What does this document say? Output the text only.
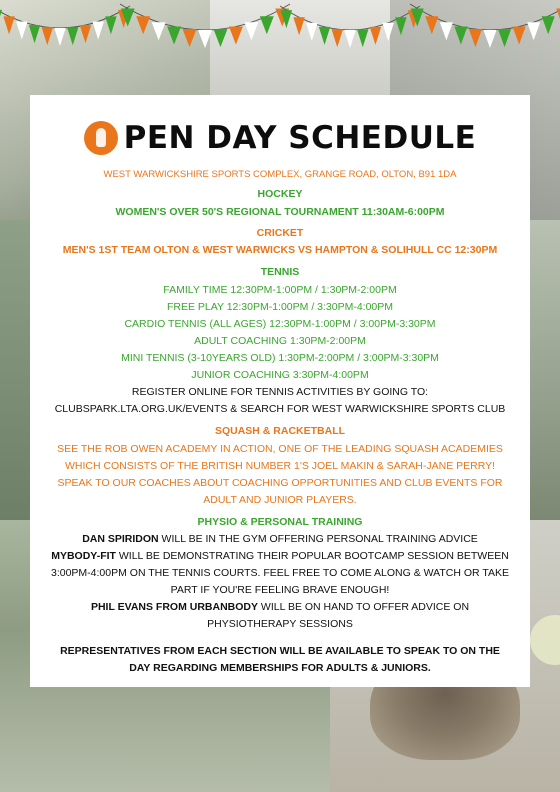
PEN DAY SCHEDULE
WEST WARWICKSHIRE SPORTS COMPLEX, GRANGE ROAD, OLTON, B91 1DA
HOCKEY
WOMEN'S OVER 50'S REGIONAL TOURNAMENT 11:30AM-6:00PM
CRICKET
MEN'S 1ST TEAM OLTON & WEST WARWICKS VS HAMPTON & SOLIHULL CC 12:30PM
TENNIS
FAMILY TIME 12:30PM-1:00PM / 1:30PM-2:00PM
FREE PLAY 12:30PM-1:00PM / 3:30PM-4:00PM
CARDIO TENNIS (ALL AGES) 12:30PM-1:00PM / 3:00PM-3:30PM
ADULT COACHING 1:30PM-2:00PM
MINI TENNIS (3-10YEARS OLD) 1:30PM-2:00PM / 3:00PM-3:30PM
JUNIOR COACHING 3:30PM-4:00PM
REGISTER ONLINE FOR TENNIS ACTIVITIES BY GOING TO:
CLUBSPARK.LTA.ORG.UK/EVENTS & SEARCH FOR WEST WARWICKSHIRE SPORTS CLUB
SQUASH & RACKETBALL
SEE THE ROB OWEN ACADEMY IN ACTION, ONE OF THE LEADING SQUASH ACADEMIES
WHICH CONSISTS OF THE BRITISH NUMBER 1'S JOEL MAKIN & SARAH-JANE PERRY!
SPEAK TO OUR COACHES ABOUT COACHING OPPORTUNITIES AND CLUB EVENTS FOR
ADULT AND JUNIOR PLAYERS.
PHYSIO & PERSONAL TRAINING
DAN SPIRIDON WILL BE IN THE GYM OFFERING PERSONAL TRAINING ADVICE
MYBODY-FIT WILL BE DEMONSTRATING THEIR POPULAR BOOTCAMP SESSION BETWEEN
3:00PM-4:00PM ON THE TENNIS COURTS. FEEL FREE TO COME ALONG & WATCH OR TAKE
PART IF YOU'RE FEELING BRAVE ENOUGH!
PHIL EVANS FROM URBANBODY WILL BE ON HAND TO OFFER ADVICE ON
PHYSIOTHERAPY SESSIONS
REPRESENTATIVES FROM EACH SECTION WILL BE AVAILABLE TO SPEAK TO ON THE
DAY REGARDING MEMBERSHIPS FOR ADULTS & JUNIORS.
